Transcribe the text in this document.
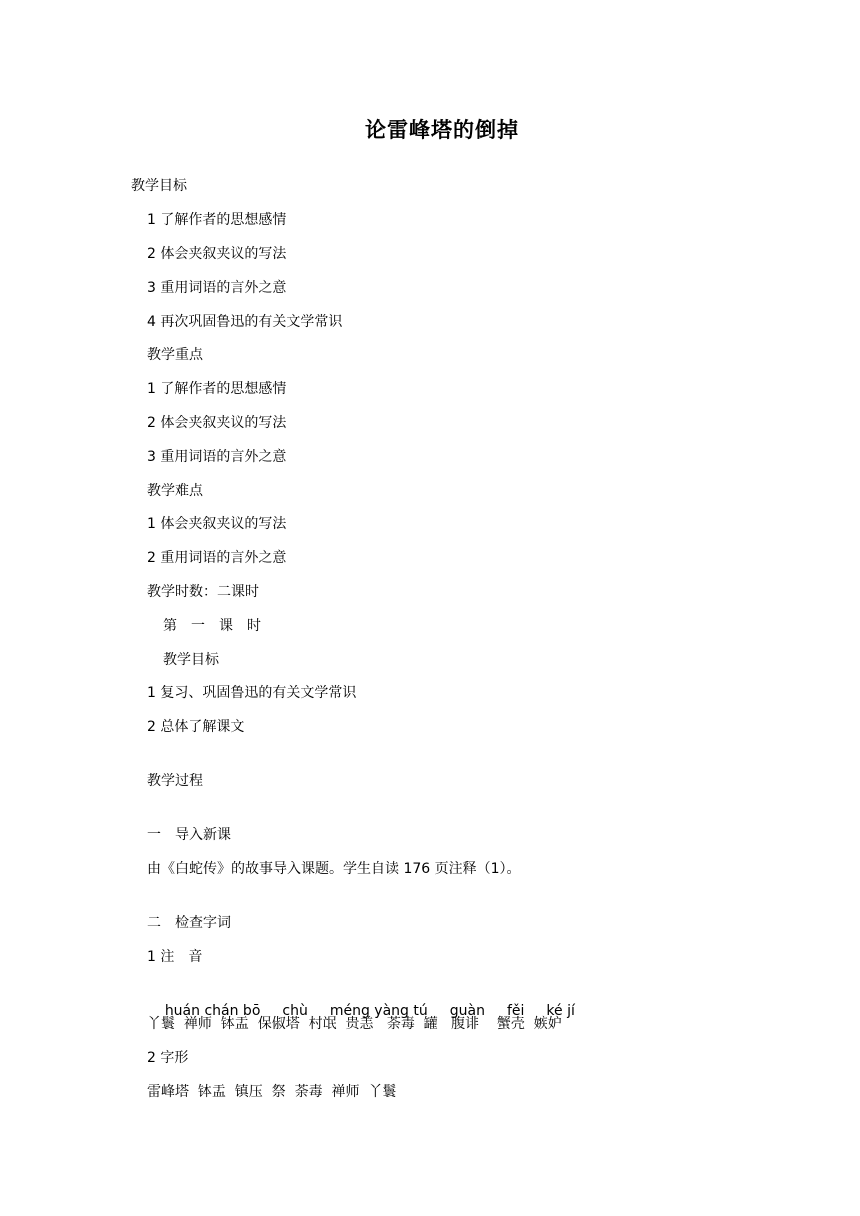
论雷峰塔的倒掉
教学目标
1 了解作者的思想感情
2 体会夹叙夹议的写法
3 重用词语的言外之意
4 再次巩固鲁迅的有关文学常识
教学重点
1 了解作者的思想感情
2 体会夹叙夹议的写法
3 重用词语的言外之意
教学难点
1 体会夹叙夹议的写法
2 重用词语的言外之意
教学时数：二课时
第　一　课　时
教学目标
1 复习、巩固鲁迅的有关文学常识
2 总体了解课文
教学过程
一　导入新课
由《白蛇传》的故事导入课题。学生自读 176 页注释（1）。
二　检查字词
1 注　音

huán chán bō chù méng yàng tú guàn fěi ké jí

丫鬟  禅师  钵盂  保俶塔  村氓  贵恙   荼毒  罐   腹诽    蟹壳  嫉妒
2 字形
雷峰塔  钵盂  镇压  祭  荼毒  禅师  丫鬟
